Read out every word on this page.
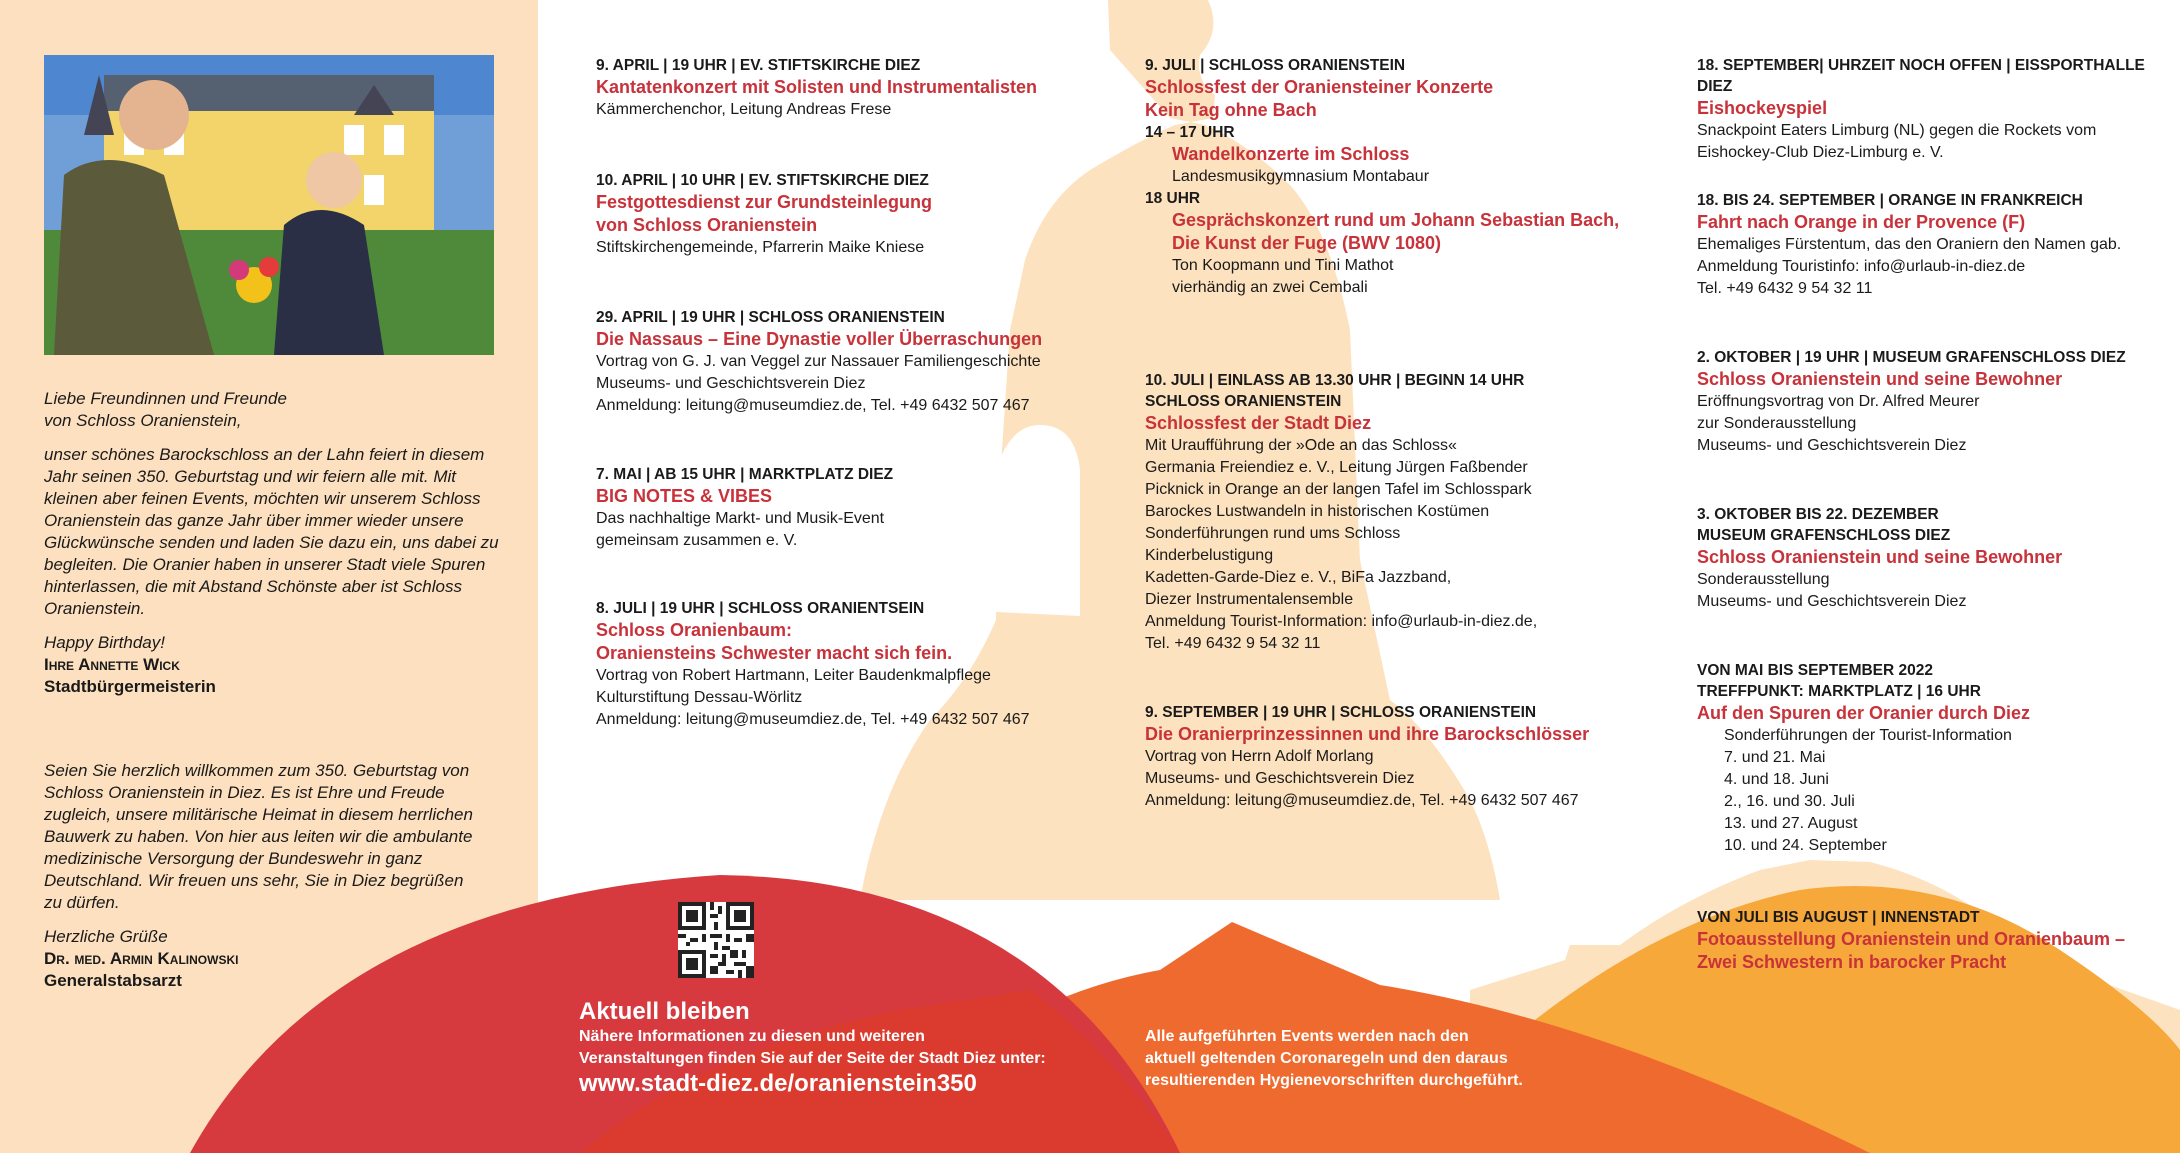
Liebe Freundinnen und Freunde von Schloss Oranienstein,

unser schönes Barockschloss an der Lahn feiert in diesem Jahr seinen 350. Geburtstag und wir feiern alle mit. Mit kleinen aber feinen Events, möchten wir unserem Schloss Oranienstein das ganze Jahr über immer wieder unsere Glückwünsche senden und laden Sie dazu ein, uns dabei zu begleiten. Die Oranier haben in unserer Stadt viele Spuren hinterlassen, die mit Abstand Schönste aber ist Schloss Oranienstein.

Happy Birthday!

Ihre Annette Wick
Stadtbürgermeisterin

Seien Sie herzlich willkommen zum 350. Geburtstag von Schloss Oranienstein in Diez. Es ist Ehre und Freude zugleich, unsere militärische Heimat in diesem herrlichen Bauwerk zu haben. Von hier aus leiten wir die ambulante medizinische Versorgung der Bundeswehr in ganz Deutschland. Wir freuen uns sehr, Sie in Diez begrüßen zu dürfen.

Herzliche Grüße

Dr. med. Armin Kalinowski
Generalstabsarzt
9. APRIL | 19 UHR | EV. STIFTSKIRCHE DIEZ
Kantatenkonzert mit Solisten und Instrumentalisten
Kämmerchenchor, Leitung Andreas Frese
10. APRIL | 10 UHR | EV. STIFTSKIRCHE DIEZ
Festgottesdienst zur Grundsteinlegung
von Schloss Oranienstein
Stiftskirchengemeinde, Pfarrerin Maike Kniese
29. APRIL | 19 UHR | SCHLOSS ORANIENSTEIN
Die Nassaus – Eine Dynastie voller Überraschungen
Vortrag von G. J. van Veggel zur Nassauer Familiengeschichte
Museums- und Geschichtsverein Diez
Anmeldung: leitung@museumdiez.de, Tel. +49 6432 507 467
7. MAI | AB 15 UHR | MARKTPLATZ DIEZ
BIG NOTES & VIBES
Das nachhaltige Markt- und Musik-Event
gemeinsam zusammen e. V.
8. JULI | 19 UHR | SCHLOSS ORANIENTSEIN
Schloss Oranienbaum:
Oraniensteins Schwester macht sich fein.
Vortrag von Robert Hartmann, Leiter Baudenkmalpflege
Kulturstiftung Dessau-Wörlitz
Anmeldung: leitung@museumdiez.de, Tel. +49 6432 507 467
9. JULI | SCHLOSS ORANIENSTEIN
Schlossfest der Oraniensteiner Konzerte
Kein Tag ohne Bach
14 – 17 UHR
Wandelkonzerte im Schloss
Landesmusikgymnasium Montabaur
18 UHR
Gesprächskonzert rund um Johann Sebastian Bach,
Die Kunst der Fuge (BWV 1080)
Ton Koopmann und Tini Mathot
vierhändig an zwei Cembali
10. JULI | EINLASS AB 13.30 UHR | BEGINN 14 UHR
SCHLOSS ORANIENSTEIN
Schlossfest der Stadt Diez
Mit Uraufführung der »Ode an das Schloss«
Germania Freiendiez e. V., Leitung Jürgen Faßbender
Picknick in Orange an der langen Tafel im Schlosspark
Barockes Lustwandeln in historischen Kostümen
Sonderführungen rund ums Schloss
Kinderbelustigung
Kadetten-Garde-Diez e. V., BiFa Jazzband,
Diezer Instrumentalensemble
Anmeldung Tourist-Information: info@urlaub-in-diez.de,
Tel. +49 6432 9 54 32 11
9. SEPTEMBER | 19 UHR | SCHLOSS ORANIENSTEIN
Die Oranierprinzessinnen und ihre Barockschlösser
Vortrag von Herrn Adolf Morlang
Museums- und Geschichtsverein Diez
Anmeldung: leitung@museumdiez.de, Tel. +49 6432 507 467
18. SEPTEMBER| UHRZEIT NOCH OFFEN | EISSPORTHALLE DIEZ
Eishockeyspiel
Snackpoint Eaters Limburg (NL) gegen die Rockets vom
Eishockey-Club Diez-Limburg e. V.
18. BIS 24. SEPTEMBER | ORANGE IN FRANKREICH
Fahrt nach Orange in der Provence (F)
Ehemaliges Fürstentum, das den Oraniern den Namen gab.
Anmeldung Touristinfo: info@urlaub-in-diez.de
Tel. +49 6432 9 54 32 11
2. OKTOBER | 19 UHR | MUSEUM GRAFENSCHLOSS DIEZ
Schloss Oranienstein und seine Bewohner
Eröffnungsvortrag von Dr. Alfred Meurer
zur Sonderausstellung
Museums- und Geschichtsverein Diez
3. OKTOBER BIS 22. DEZEMBER
MUSEUM GRAFENSCHLOSS DIEZ
Schloss Oranienstein und seine Bewohner
Sonderausstellung
Museums- und Geschichtsverein Diez
VON MAI BIS SEPTEMBER 2022
TREFFPUNKT: MARKTPLATZ | 16 UHR
Auf den Spuren der Oranier durch Diez
Sonderführungen der Tourist-Information
7. und 21. Mai
4. und 18. Juni
2., 16. und 30. Juli
13. und 27. August
10. und 24. September
VON JULI BIS AUGUST | INNENSTADT
Fotoausstellung Oranienstein und Oranienbaum –
Zwei Schwestern in barocker Pracht
Aktuell bleiben
Nähere Informationen zu diesen und weiteren
Veranstaltungen finden Sie auf der Seite der Stadt Diez unter:
www.stadt-diez.de/oranienstein350
Alle aufgeführten Events werden nach den
aktuell geltenden Coronaregeln und den daraus
resultierenden Hygienevorschriften durchgeführt.
